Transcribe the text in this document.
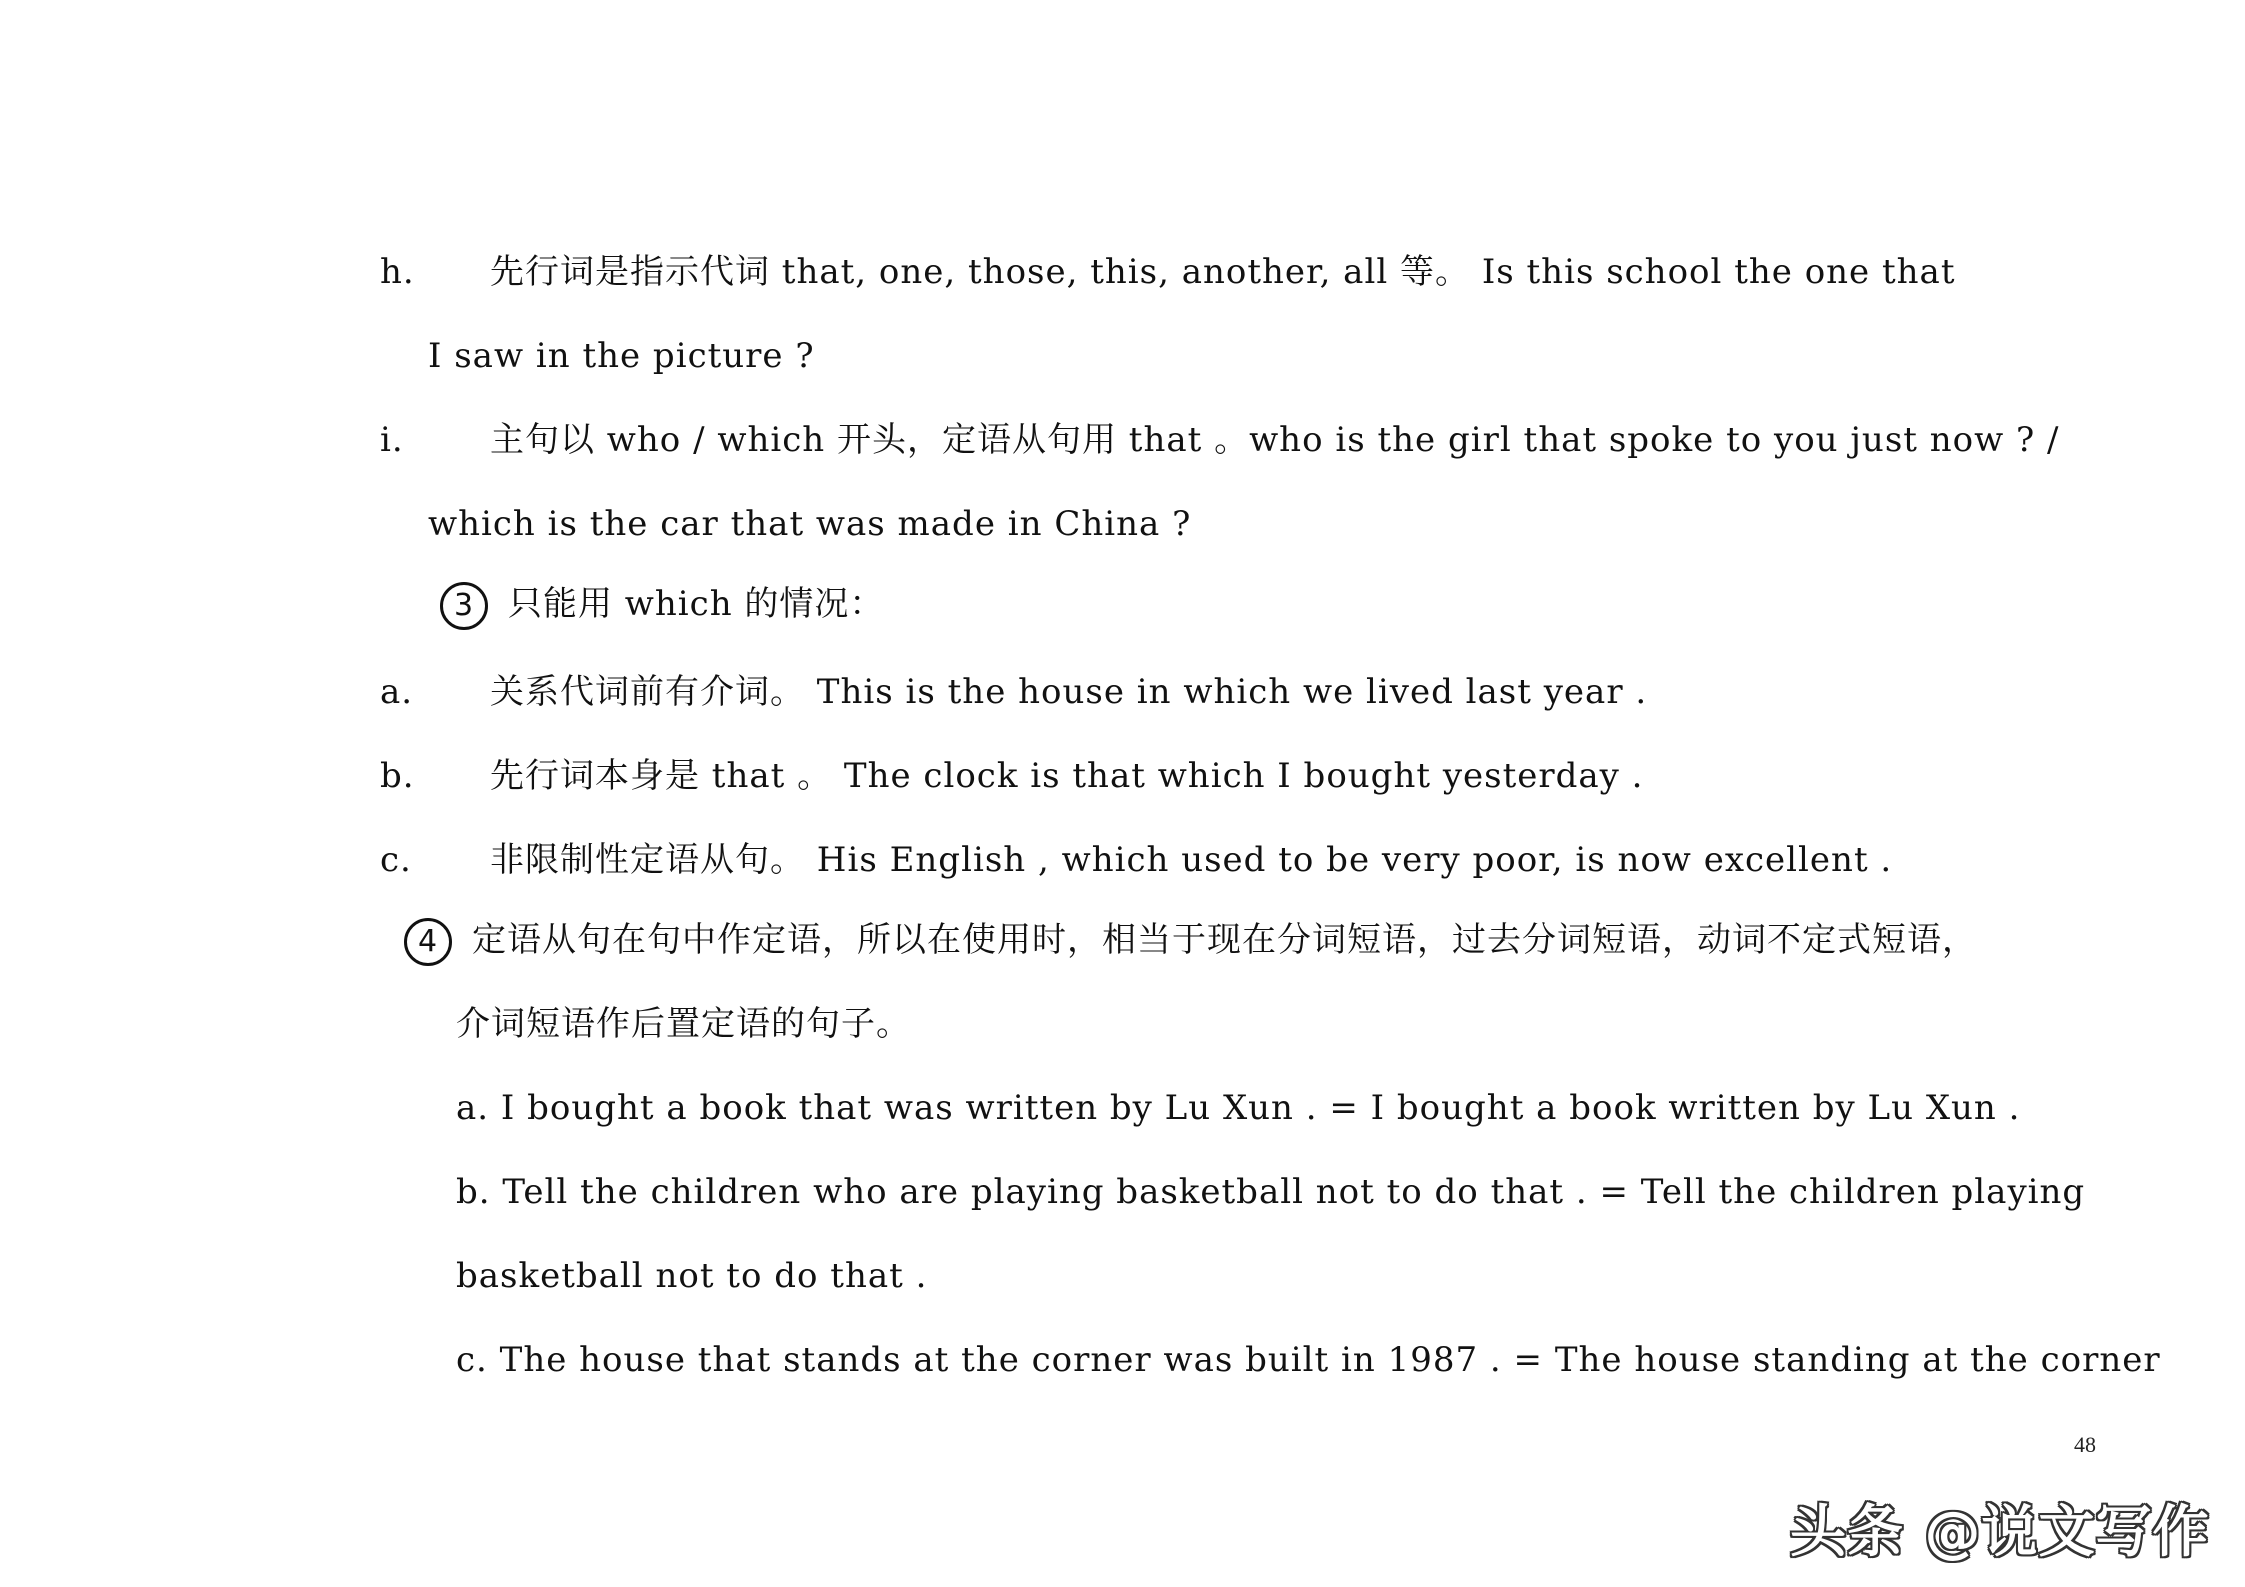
h. 先行词是指示代词 that, one, those, this, another, all 等。 Is this school the one that
I saw in the picture ?
i.	主句以 who / which 开头，定语从句用 that 。who is the girl that spoke to you just now ? /
which is the car that was made in China ?
3 只能用 which 的情况：
a. 关系代词前有介词。 This is the house in which we lived last year .
b. 先行词本身是 that 。 The clock is that which I bought yesterday .
c. 非限制性定语从句。 His English , which used to be very poor, is now excellent .
4 定语从句在句中作定语，所以在使用时，相当于现在分词短语，过去分词短语，动词不定式短语，
介词短语作后置定语的句子。
a. I bought a book that was written by Lu Xun . = I bought a book written by Lu Xun .
b. Tell the children who are playing basketball not to do that . = Tell the children playing
basketball not to do that .
c. The house that stands at the corner was built in 1987 . = The house standing at the corner
48
头条 @说文写作
